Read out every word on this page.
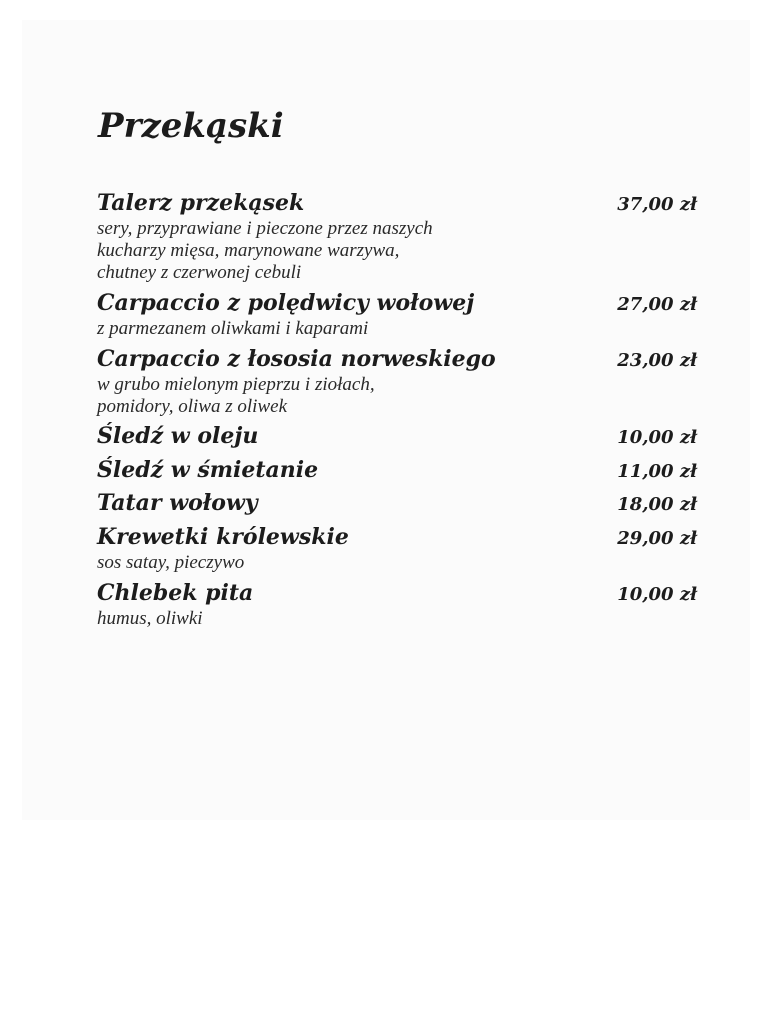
Przekąski
Talerz przekąsek	37,00 zł
sery, przyprawiane i pieczone przez naszych
kucharzy mięsa, marynowane warzywa,
chutney z czerwonej cebuli
Carpaccio z polędwicy wołowej	27,00 zł
z parmezanem oliwkami i kaparami
Carpaccio z łososia norweskiego	23,00 zł
w grubo mielonym pieprzu i ziołach,
pomidory, oliwa z oliwek
Śledź w oleju	10,00 zł
Śledź w śmietanie	11,00 zł
Tatar wołowy	18,00 zł
Krewetki królewskie	29,00 zł
sos satay, pieczywo
Chlebek pita	10,00 zł
humus, oliwki
